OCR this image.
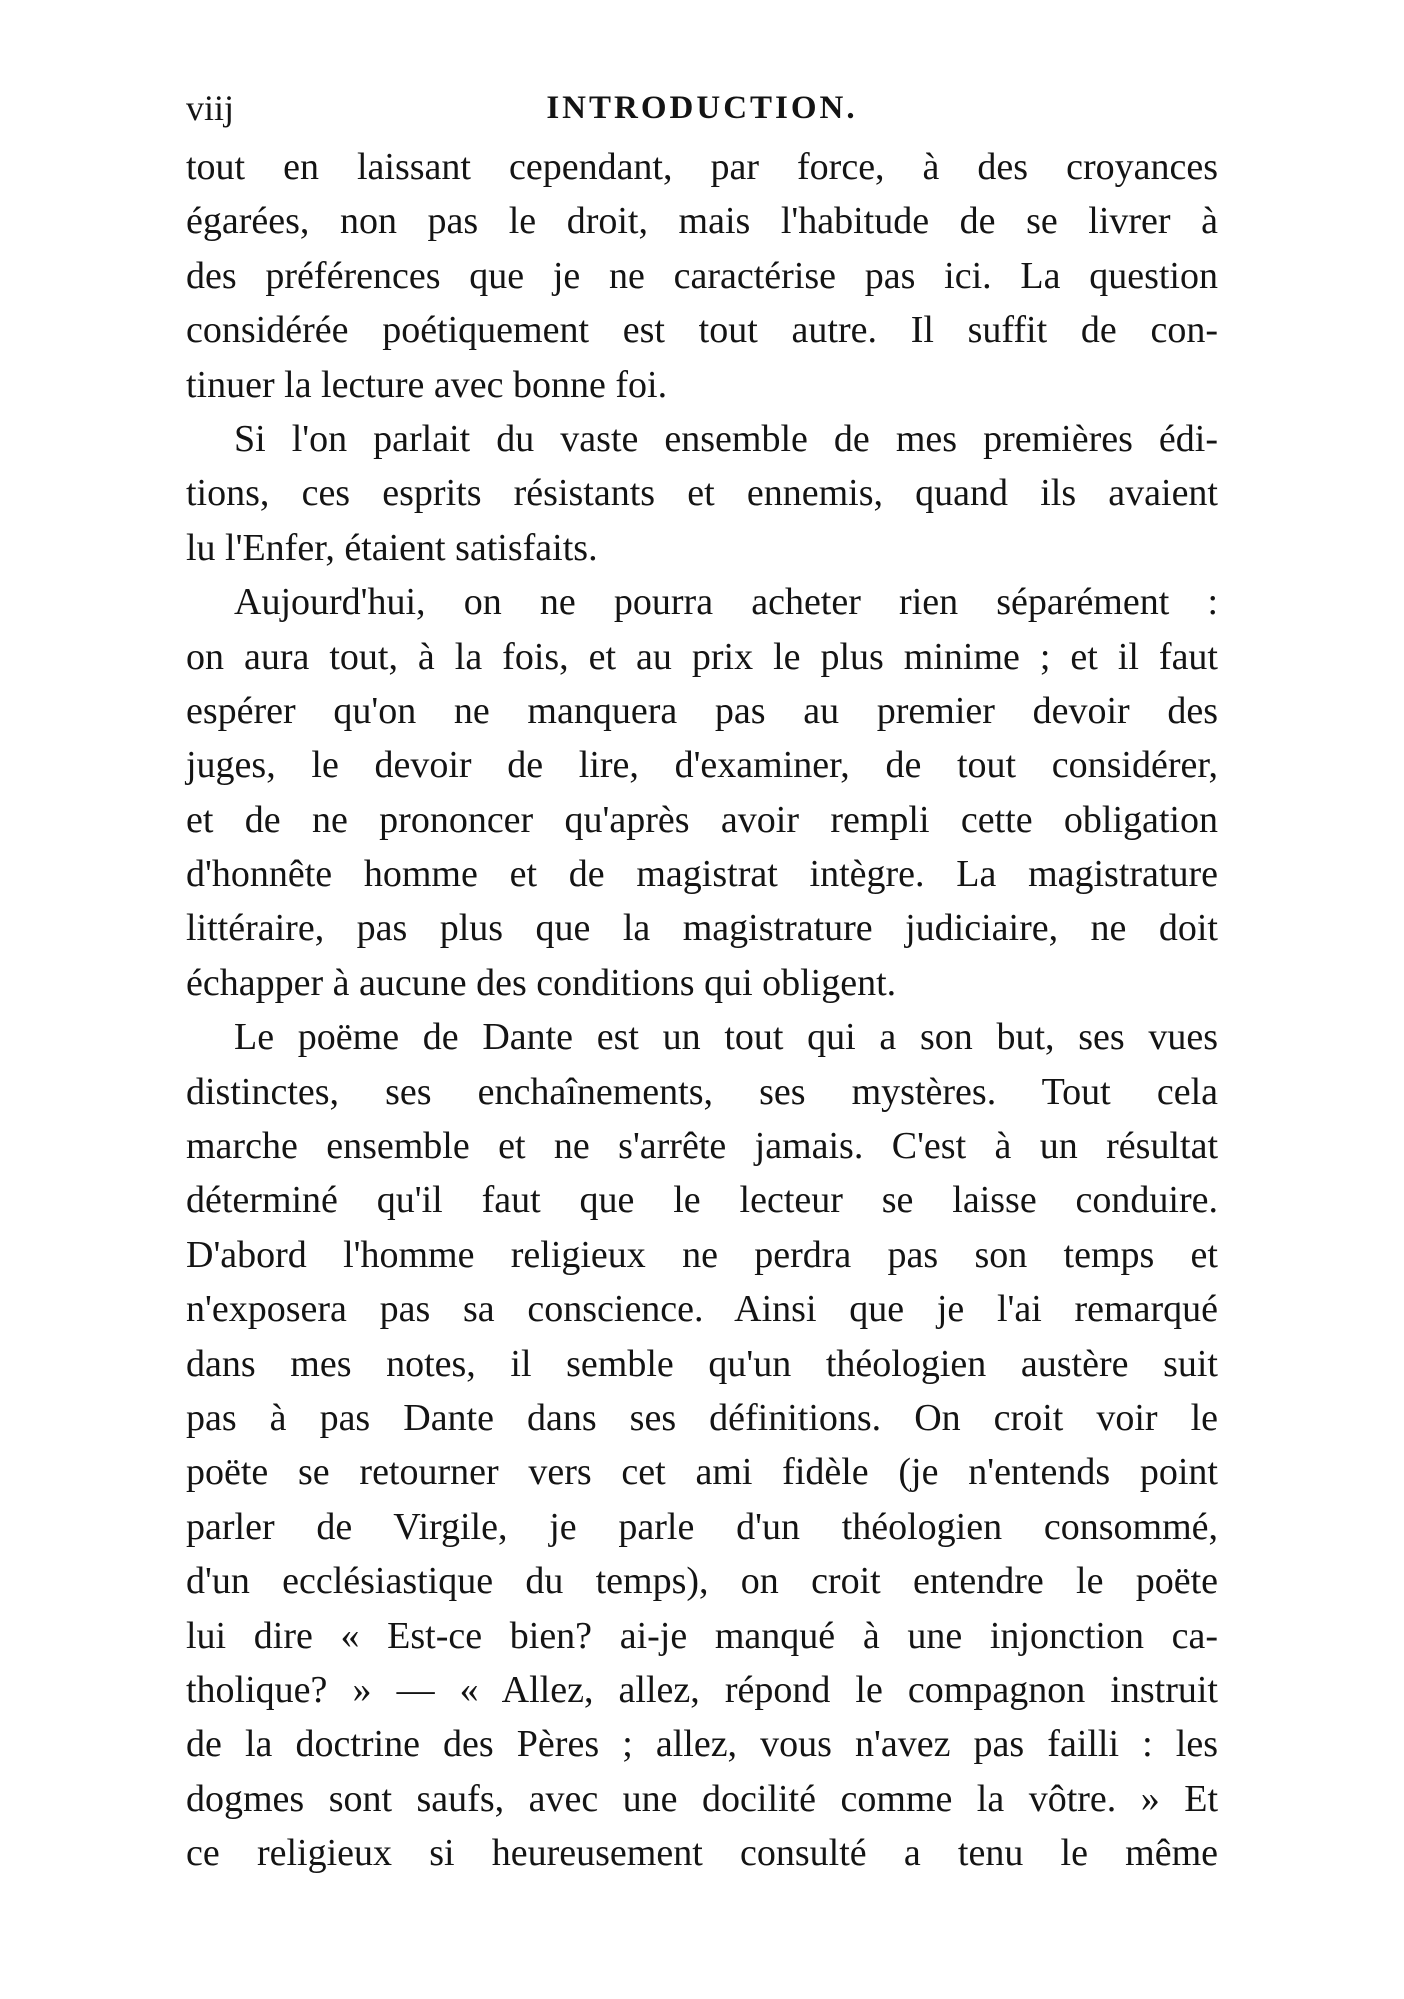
viij	INTRODUCTION.
tout en laissant cependant, par force, à des croyances
égarées, non pas le droit, mais l'habitude de se livrer à
des préférences que je ne caractérise pas ici. La question
considérée poétiquement est tout autre. Il suffit de con-
tinuer la lecture avec bonne foi.
Si l'on parlait du vaste ensemble de mes premières édi-
tions, ces esprits résistants et ennemis, quand ils avaient
lu l'Enfer, étaient satisfaits.
Aujourd'hui, on ne pourra acheter rien séparément :
on aura tout, à la fois, et au prix le plus minime ; et il faut
espérer qu'on ne manquera pas au premier devoir des
juges, le devoir de lire, d'examiner, de tout considérer,
et de ne prononcer qu'après avoir rempli cette obligation
d'honnête homme et de magistrat intègre. La magistrature
littéraire, pas plus que la magistrature judiciaire, ne doit
échapper à aucune des conditions qui obligent.
Le poëme de Dante est un tout qui a son but, ses vues
distinctes, ses enchaînements, ses mystères. Tout cela
marche ensemble et ne s'arrête jamais. C'est à un résultat
déterminé qu'il faut que le lecteur se laisse conduire.
D'abord l'homme religieux ne perdra pas son temps et
n'exposera pas sa conscience. Ainsi que je l'ai remarqué
dans mes notes, il semble qu'un théologien austère suit
pas à pas Dante dans ses définitions. On croit voir le
poëte se retourner vers cet ami fidèle (je n'entends point
parler de Virgile, je parle d'un théologien consommé,
d'un ecclésiastique du temps), on croit entendre le poëte
lui dire « Est-ce bien? ai-je manqué à une injonction ca-
tholique? » — « Allez, allez, répond le compagnon instruit
de la doctrine des Pères ; allez, vous n'avez pas failli : les
dogmes sont saufs, avec une docilité comme la vôtre. » Et
ce religieux si heureusement consulté a tenu le même
